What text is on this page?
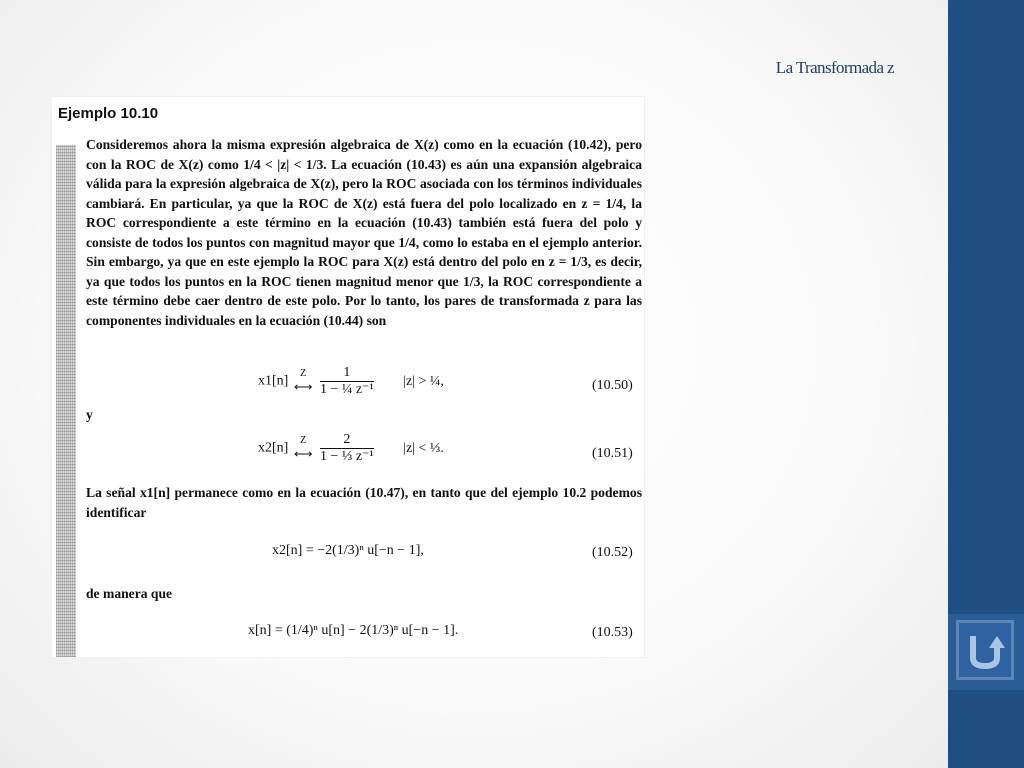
La Transformada z
Ejemplo 10.10
Consideremos ahora la misma expresión algebraica de X(z) como en la ecuación (10.42), pero con la ROC de X(z) como 1/4 < |z| < 1/3. La ecuación (10.43) es aún una expansión algebraica válida para la expresión algebraica de X(z), pero la ROC asociada con los términos individuales cambiará. En particular, ya que la ROC de X(z) está fuera del polo localizado en z = 1/4, la ROC correspondiente a este término en la ecuación (10.43) también está fuera del polo y consiste de todos los puntos con magnitud mayor que 1/4, como lo estaba en el ejemplo anterior. Sin embargo, ya que en este ejemplo la ROC para X(z) está dentro del polo en z = 1/3, es decir, ya que todos los puntos en la ROC tienen magnitud menor que 1/3, la ROC correspondiente a este término debe caer dentro de este polo. Por lo tanto, los pares de transformada z para las componentes individuales en la ecuación (10.44) son
x1[n]
Z
⟷ $\frac{1}{\text{1 − ¼ z⁻¹}} |z|$ > ¼,	(10.50)
y
x2[n]
Z
⟷ $\frac{2}{\text{1 − ⅓ z⁻¹}} |z|$ < ⅓.	(10.51)
La señal x1[n] permanece como en la ecuación (10.47), en tanto que del ejemplo 10.2 podemos identificar
x2[n] = −2(1/3)ⁿ u[−n − 1],	(10.52)
de manera que
x[n] = (1/4)ⁿ u[n] − 2(1/3)ⁿ u[−n − 1].	(10.53)
